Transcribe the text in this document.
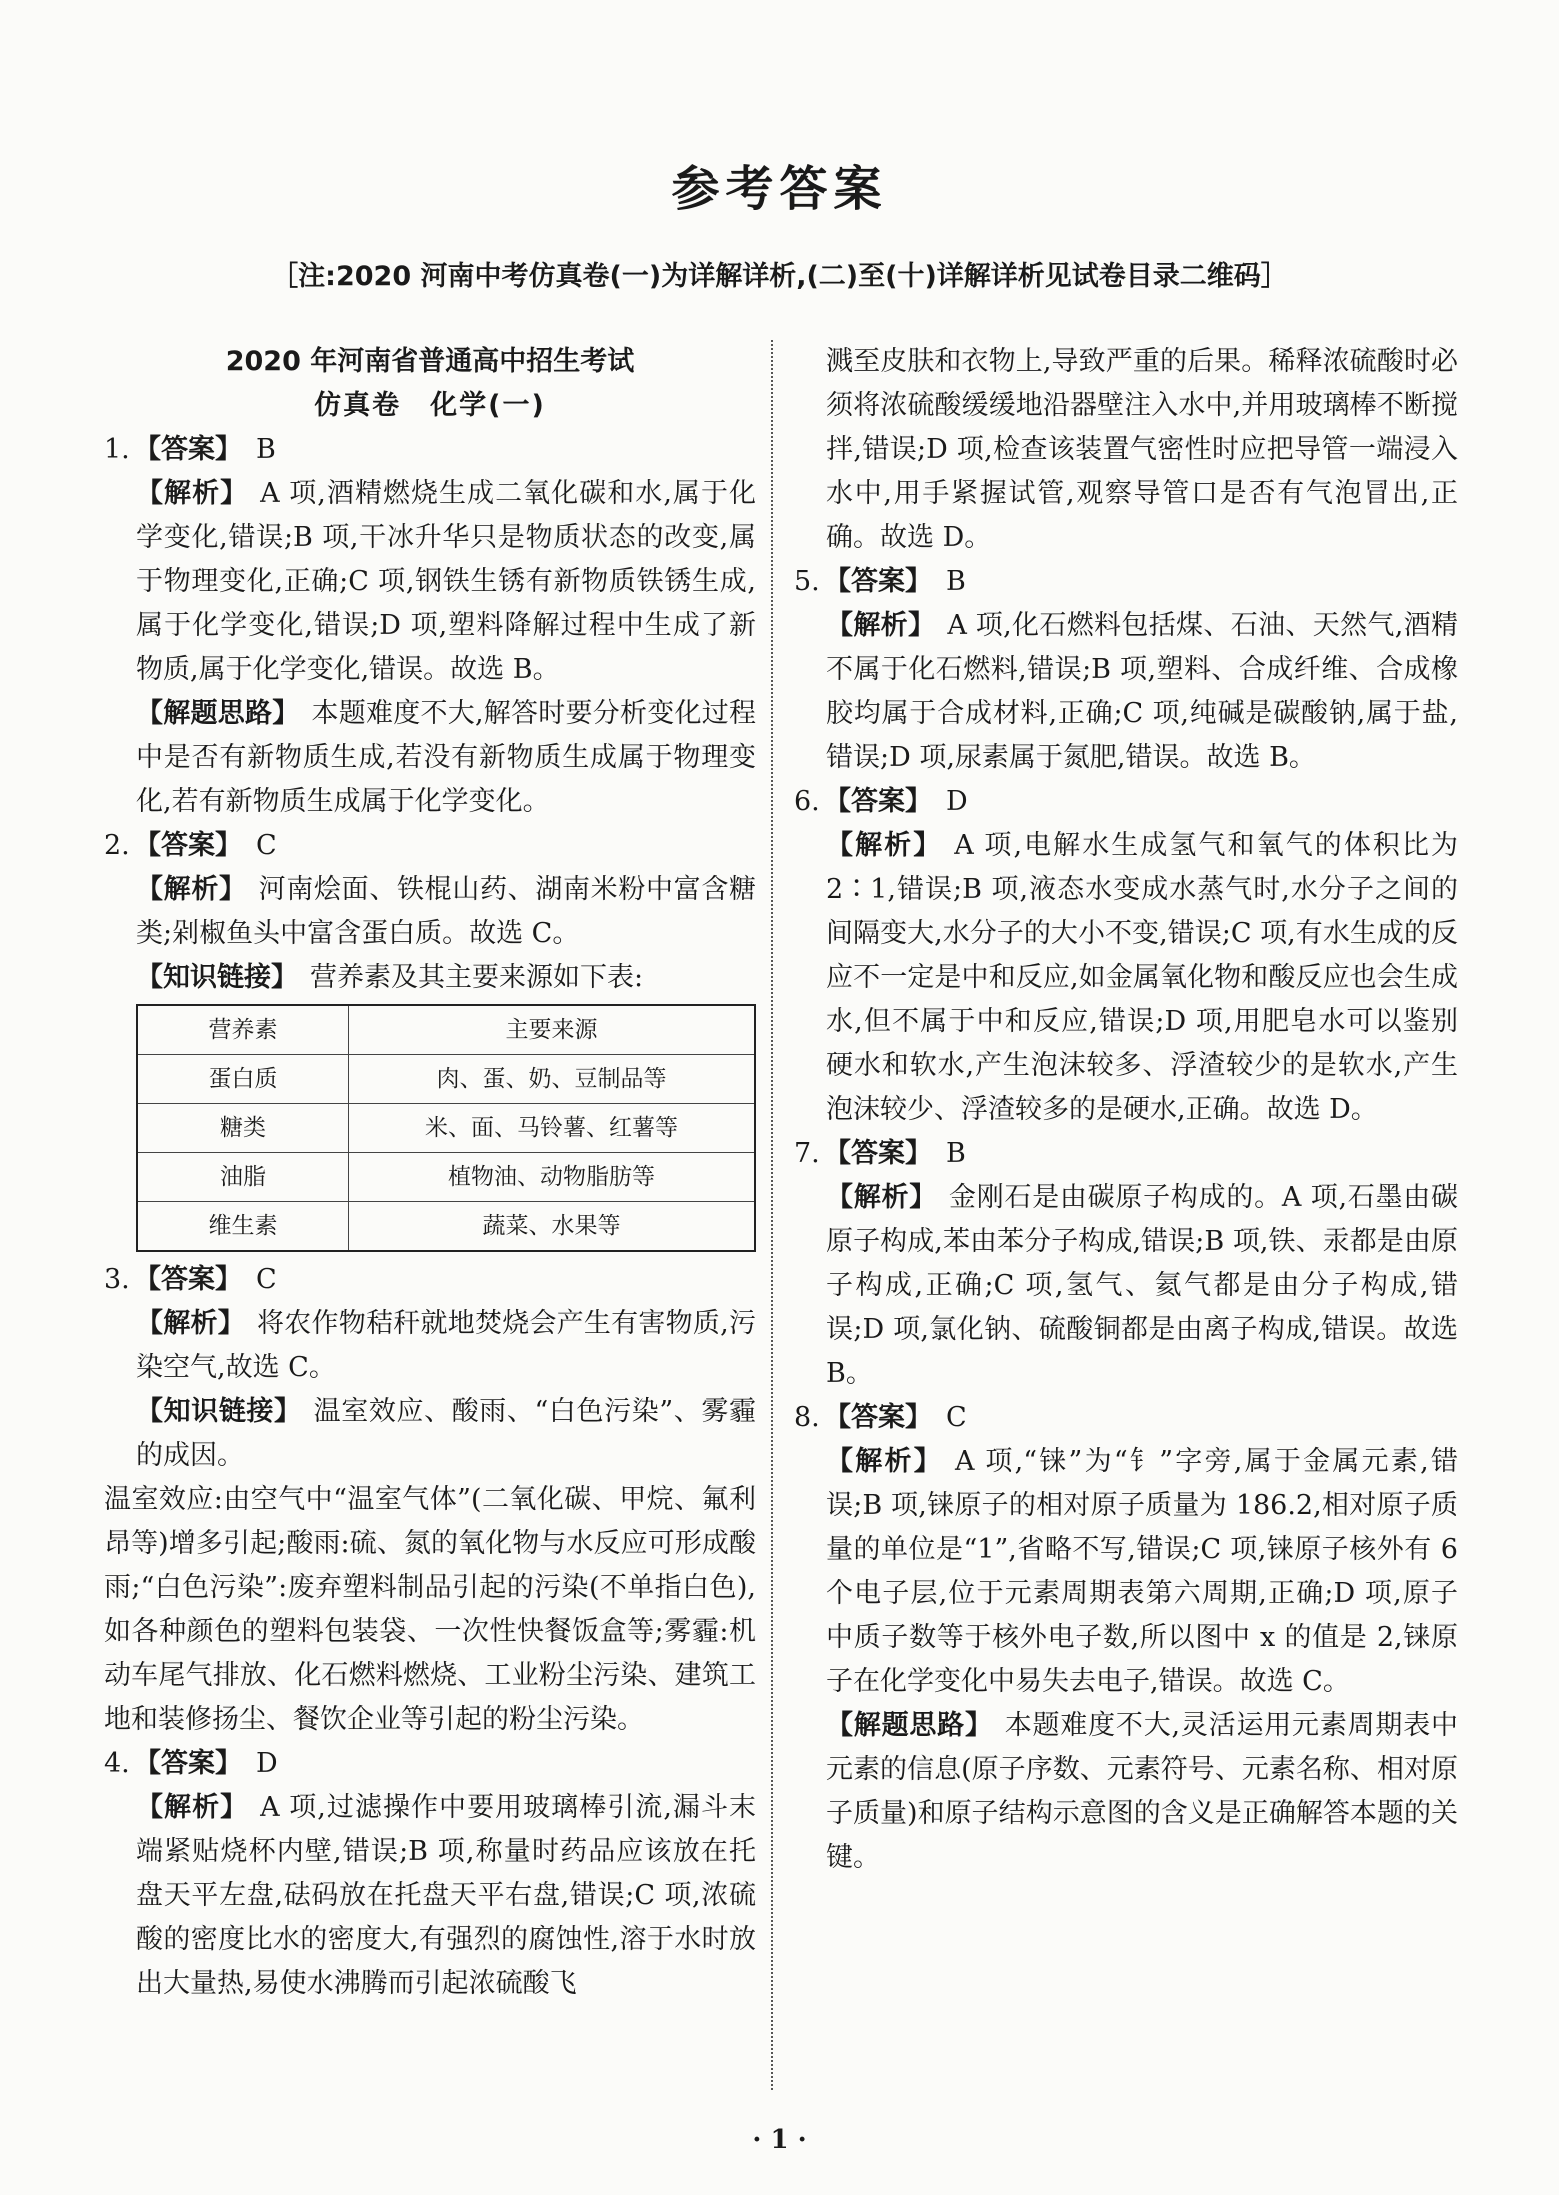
参考答案
［注:2020 河南中考仿真卷(一)为详解详析,(二)至(十)详解详析见试卷目录二维码］
2020 年河南省普通高中招生考试
仿真卷　化学(一)
1. 【答案】 B

【解析】 A 项,酒精燃烧生成二氧化碳和水,属于化学变化,错误;B 项,干冰升华只是物质状态的改变,属于物理变化,正确;C 项,钢铁生锈有新物质铁锈生成,属于化学变化,错误;D 项,塑料降解过程中生成了新物质,属于化学变化,错误。故选 B。

【解题思路】 本题难度不大,解答时要分析变化过程中是否有新物质生成,若没有新物质生成属于物理变化,若有新物质生成属于化学变化。

2. 【答案】 C

【解析】 河南烩面、铁棍山药、湖南米粉中富含糖类;剁椒鱼头中富含蛋白质。故选 C。

【知识链接】 营养素及其主要来源如下表:

营养素	主要来源
蛋白质	肉、蛋、奶、豆制品等
糖类	米、面、马铃薯、红薯等
油脂	植物油、动物脂肪等
维生素	蔬菜、水果等
3. 【答案】 C

【解析】 将农作物秸秆就地焚烧会产生有害物质,污染空气,故选 C。

【知识链接】 温室效应、酸雨、“白色污染”、雾霾的成因。

温室效应:由空气中“温室气体”(二氧化碳、甲烷、氟利昂等)增多引起;酸雨:硫、氮的氧化物与水反应可形成酸雨;“白色污染”:废弃塑料制品引起的污染(不单指白色),如各种颜色的塑料包装袋、一次性快餐饭盒等;雾霾:机动车尾气排放、化石燃料燃烧、工业粉尘污染、建筑工地和装修扬尘、餐饮企业等引起的粉尘污染。

4. 【答案】 D

【解析】 A 项,过滤操作中要用玻璃棒引流,漏斗末端紧贴烧杯内壁,错误;B 项,称量时药品应该放在托盘天平左盘,砝码放在托盘天平右盘,错误;C 项,浓硫酸的密度比水的密度大,有强烈的腐蚀性,溶于水时放出大量热,易使水沸腾而引起浓硫酸飞

溅至皮肤和衣物上,导致严重的后果。稀释浓硫酸时必须将浓硫酸缓缓地沿器壁注入水中,并用玻璃棒不断搅拌,错误;D 项,检查该装置气密性时应把导管一端浸入水中,用手紧握试管,观察导管口是否有气泡冒出,正确。故选 D。

5. 【答案】 B

【解析】 A 项,化石燃料包括煤、石油、天然气,酒精不属于化石燃料,错误;B 项,塑料、合成纤维、合成橡胶均属于合成材料,正确;C 项,纯碱是碳酸钠,属于盐,错误;D 项,尿素属于氮肥,错误。故选 B。

6. 【答案】 D

【解析】 A 项,电解水生成氢气和氧气的体积比为 2∶1,错误;B 项,液态水变成水蒸气时,水分子之间的间隔变大,水分子的大小不变,错误;C 项,有水生成的反应不一定是中和反应,如金属氧化物和酸反应也会生成水,但不属于中和反应,错误;D 项,用肥皂水可以鉴别硬水和软水,产生泡沫较多、浮渣较少的是软水,产生泡沫较少、浮渣较多的是硬水,正确。故选 D。

7. 【答案】 B

【解析】 金刚石是由碳原子构成的。A 项,石墨由碳原子构成,苯由苯分子构成,错误;B 项,铁、汞都是由原子构成,正确;C 项,氢气、氦气都是由分子构成,错误;D 项,氯化钠、硫酸铜都是由离子构成,错误。故选 B。

8. 【答案】 C

【解析】 A 项,“铼”为“钅”字旁,属于金属元素,错误;B 项,铼原子的相对原子质量为 186.2,相对原子质量的单位是“1”,省略不写,错误;C 项,铼原子核外有 6 个电子层,位于元素周期表第六周期,正确;D 项,原子中质子数等于核外电子数,所以图中 x 的值是 2,铼原子在化学变化中易失去电子,错误。故选 C。

【解题思路】 本题难度不大,灵活运用元素周期表中元素的信息(原子序数、元素符号、元素名称、相对原子质量)和原子结构示意图的含义是正确解答本题的关键。

· 1 ·
